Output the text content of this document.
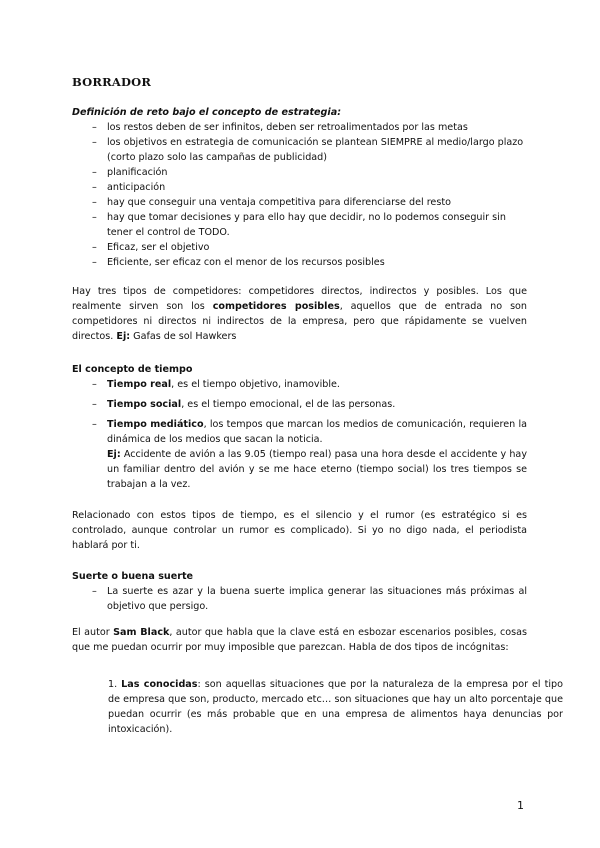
BORRADOR
Definición de reto bajo el concepto de estrategia:
– los restos deben de ser infinitos, deben ser retroalimentados por las metas
– los objetivos en estrategia de comunicación se plantean SIEMPRE al medio/largo plazo (corto plazo solo las campañas de publicidad)
– planificación
– anticipación
– hay que conseguir una ventaja competitiva para diferenciarse del resto
– hay que tomar decisiones y para ello hay que decidir, no lo podemos conseguir sin tener el control de TODO.
– Eficaz, ser el objetivo
– Eficiente, ser eficaz con el menor de los recursos posibles
Hay tres tipos de competidores: competidores directos, indirectos y posibles. Los que realmente sirven son los competidores posibles, aquellos que de entrada no son competidores ni directos ni indirectos de la empresa, pero que rápidamente se vuelven directos. Ej: Gafas de sol Hawkers
El concepto de tiempo
– Tiempo real, es el tiempo objetivo, inamovible.
– Tiempo social, es el tiempo emocional, el de las personas.
– Tiempo mediático, los tempos que marcan los medios de comunicación, requieren la dinámica de los medios que sacan la noticia.
Ej: Accidente de avión a las 9.05 (tiempo real) pasa una hora desde el accidente y hay un familiar dentro del avión y se me hace eterno (tiempo social) los tres tiempos se trabajan a la vez.
Relacionado con estos tipos de tiempo, es el silencio y el rumor (es estratégico si es controlado, aunque controlar un rumor es complicado). Si yo no digo nada, el periodista hablará por ti.
Suerte o buena suerte
– La suerte es azar y la buena suerte implica generar las situaciones más próximas al objetivo que persigo.
El autor Sam Black, autor que habla que la clave está en esbozar escenarios posibles, cosas que me puedan ocurrir por muy imposible que parezcan. Habla de dos tipos de incógnitas:
1. Las conocidas: son aquellas situaciones que por la naturaleza de la empresa por el tipo de empresa que son, producto, mercado etc… son situaciones que hay un alto porcentaje que puedan ocurrir (es más probable que en una empresa de alimentos haya denuncias por intoxicación).
1
